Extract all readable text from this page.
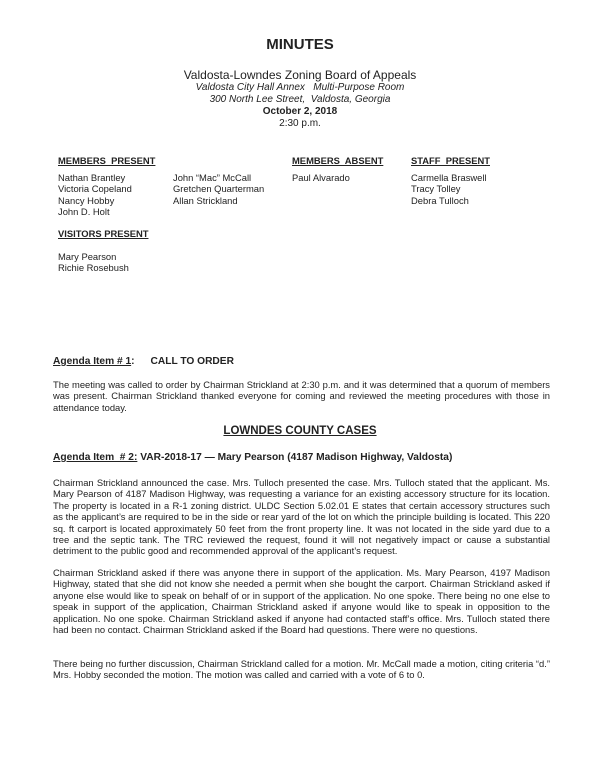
MINUTES
Valdosta-Lowndes Zoning Board of Appeals
Valdosta City Hall Annex   Multi-Purpose Room
300 North Lee Street,  Valdosta, Georgia
October 2, 2018
2:30 p.m.
MEMBERS  PRESENT
Nathan Brantley
Victoria Copeland
Nancy Hobby
John D. Holt
John “Mac” McCall
Gretchen Quarterman
Allan Strickland
MEMBERS  ABSENT
Paul Alvarado
STAFF  PRESENT
Carmella Braswell
Tracy Tolley
Debra Tulloch
VISITORS PRESENT
Mary Pearson
Richie Rosebush
Agenda Item # 1: CALL TO ORDER
The meeting was called to order by Chairman Strickland at 2:30 p.m. and it was determined that a quorum of members was present. Chairman Strickland thanked everyone for coming and reviewed the meeting procedures with those in attendance today.
LOWNDES COUNTY CASES
Agenda Item  # 2: VAR-2018-17 — Mary Pearson (4187 Madison Highway, Valdosta)
Chairman Strickland announced the case. Mrs. Tulloch presented the case. Mrs. Tulloch stated that the applicant. Ms. Mary Pearson of 4187 Madison Highway, was requesting a variance for an existing accessory structure for its location. The property is located in a R-1 zoning district. ULDC Section 5.02.01 E states that certain accessory structures such as the applicant’s are required to be in the side or rear yard of the lot on which the principle building is located. This 220 sq. ft carport is located approximately 50 feet from the front property line. It was not located in the side yard due to a tree and the septic tank. The TRC reviewed the request, found it will not negatively impact or cause a substantial detriment to the public good and recommended approval of the applicant’s request.
Chairman Strickland asked if there was anyone there in support of the application. Ms. Mary Pearson, 4197 Madison Highway, stated that she did not know she needed a permit when she bought the carport. Chairman Strickland asked if anyone else would like to speak on behalf of or in support of the application. No one spoke. There being no one else to speak in support of the application, Chairman Strickland asked if anyone would like to speak in opposition to the application. No one spoke. Chairman Strickland asked if anyone had contacted staff’s office. Mrs. Tulloch stated there had been no contact. Chairman Strickland asked if the Board had questions. There were no questions.
There being no further discussion, Chairman Strickland called for a motion. Mr. McCall made a motion, citing criteria “d.” Mrs. Hobby seconded the motion. The motion was called and carried with a vote of 6 to 0.
